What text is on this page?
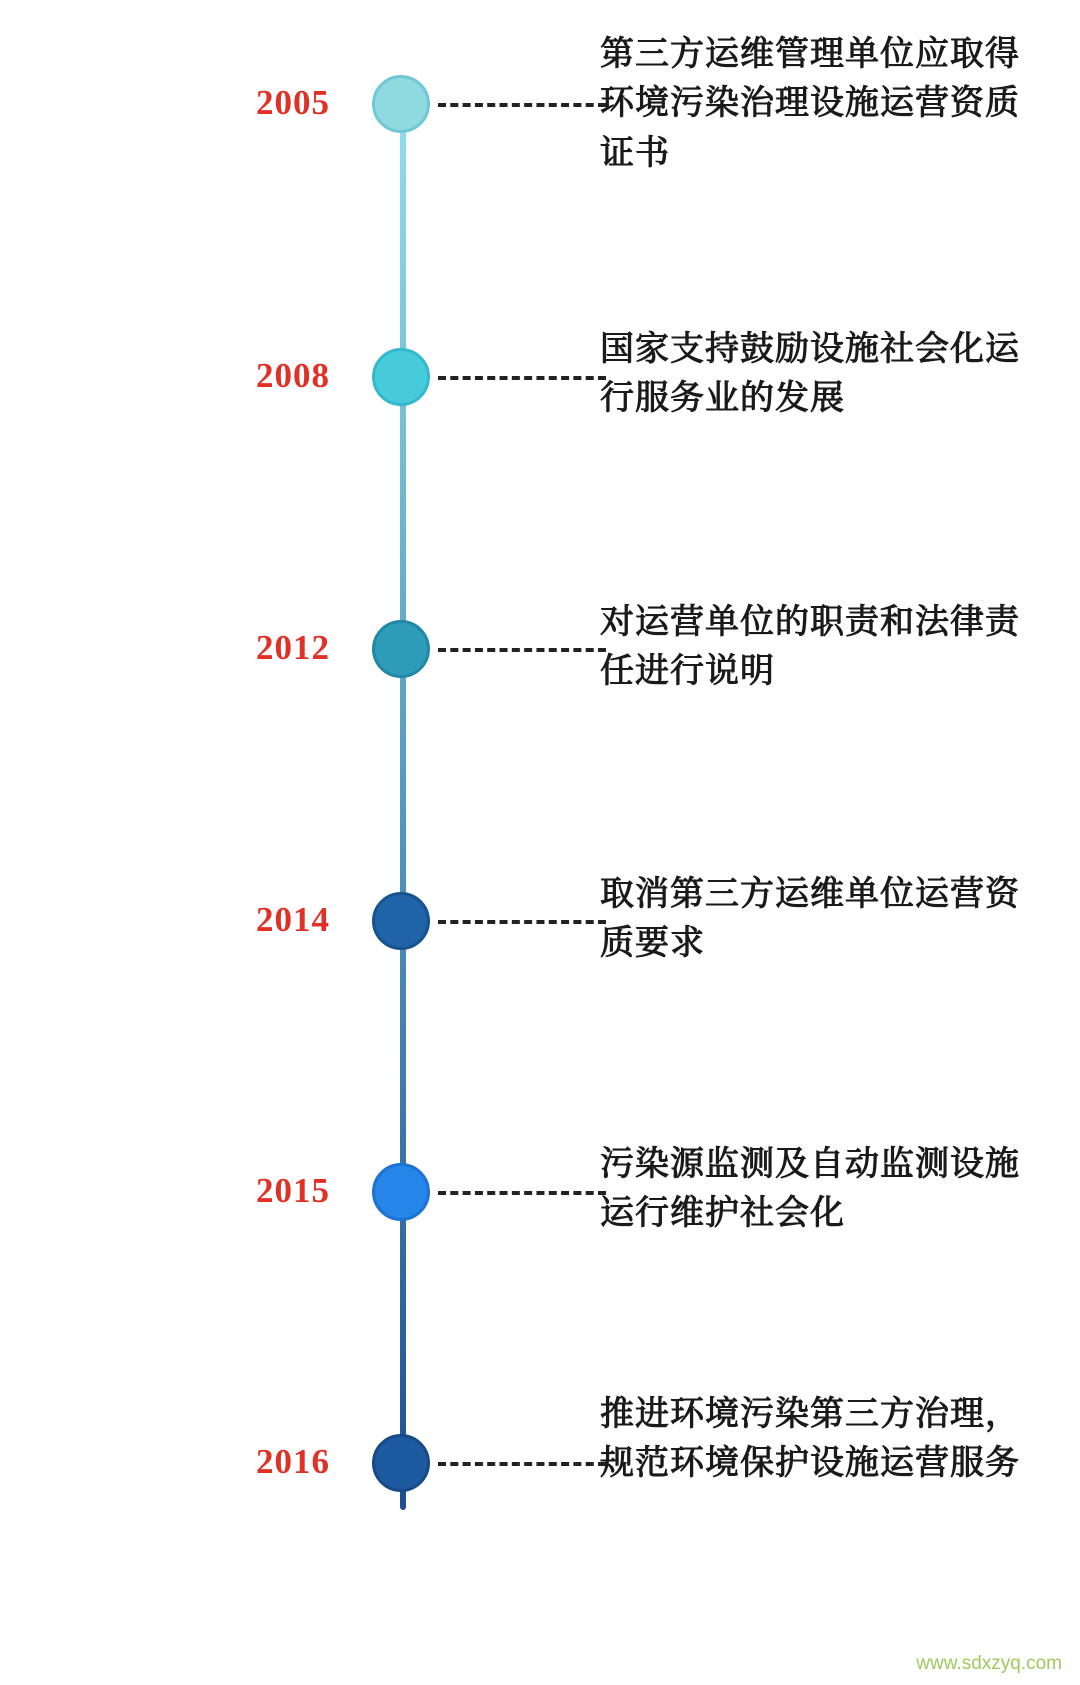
www.sdxzyq.com
2005
第三方运维管理单位应取得环境污染治理设施运营资质证书
2008
国家支持鼓励设施社会化运行服务业的发展
2012
对运营单位的职责和法律责任进行说明
2014
取消第三方运维单位运营资质要求
2015
污染源监测及自动监测设施运行维护社会化
2016
推进环境污染第三方治理，规范环境保护设施运营服务
